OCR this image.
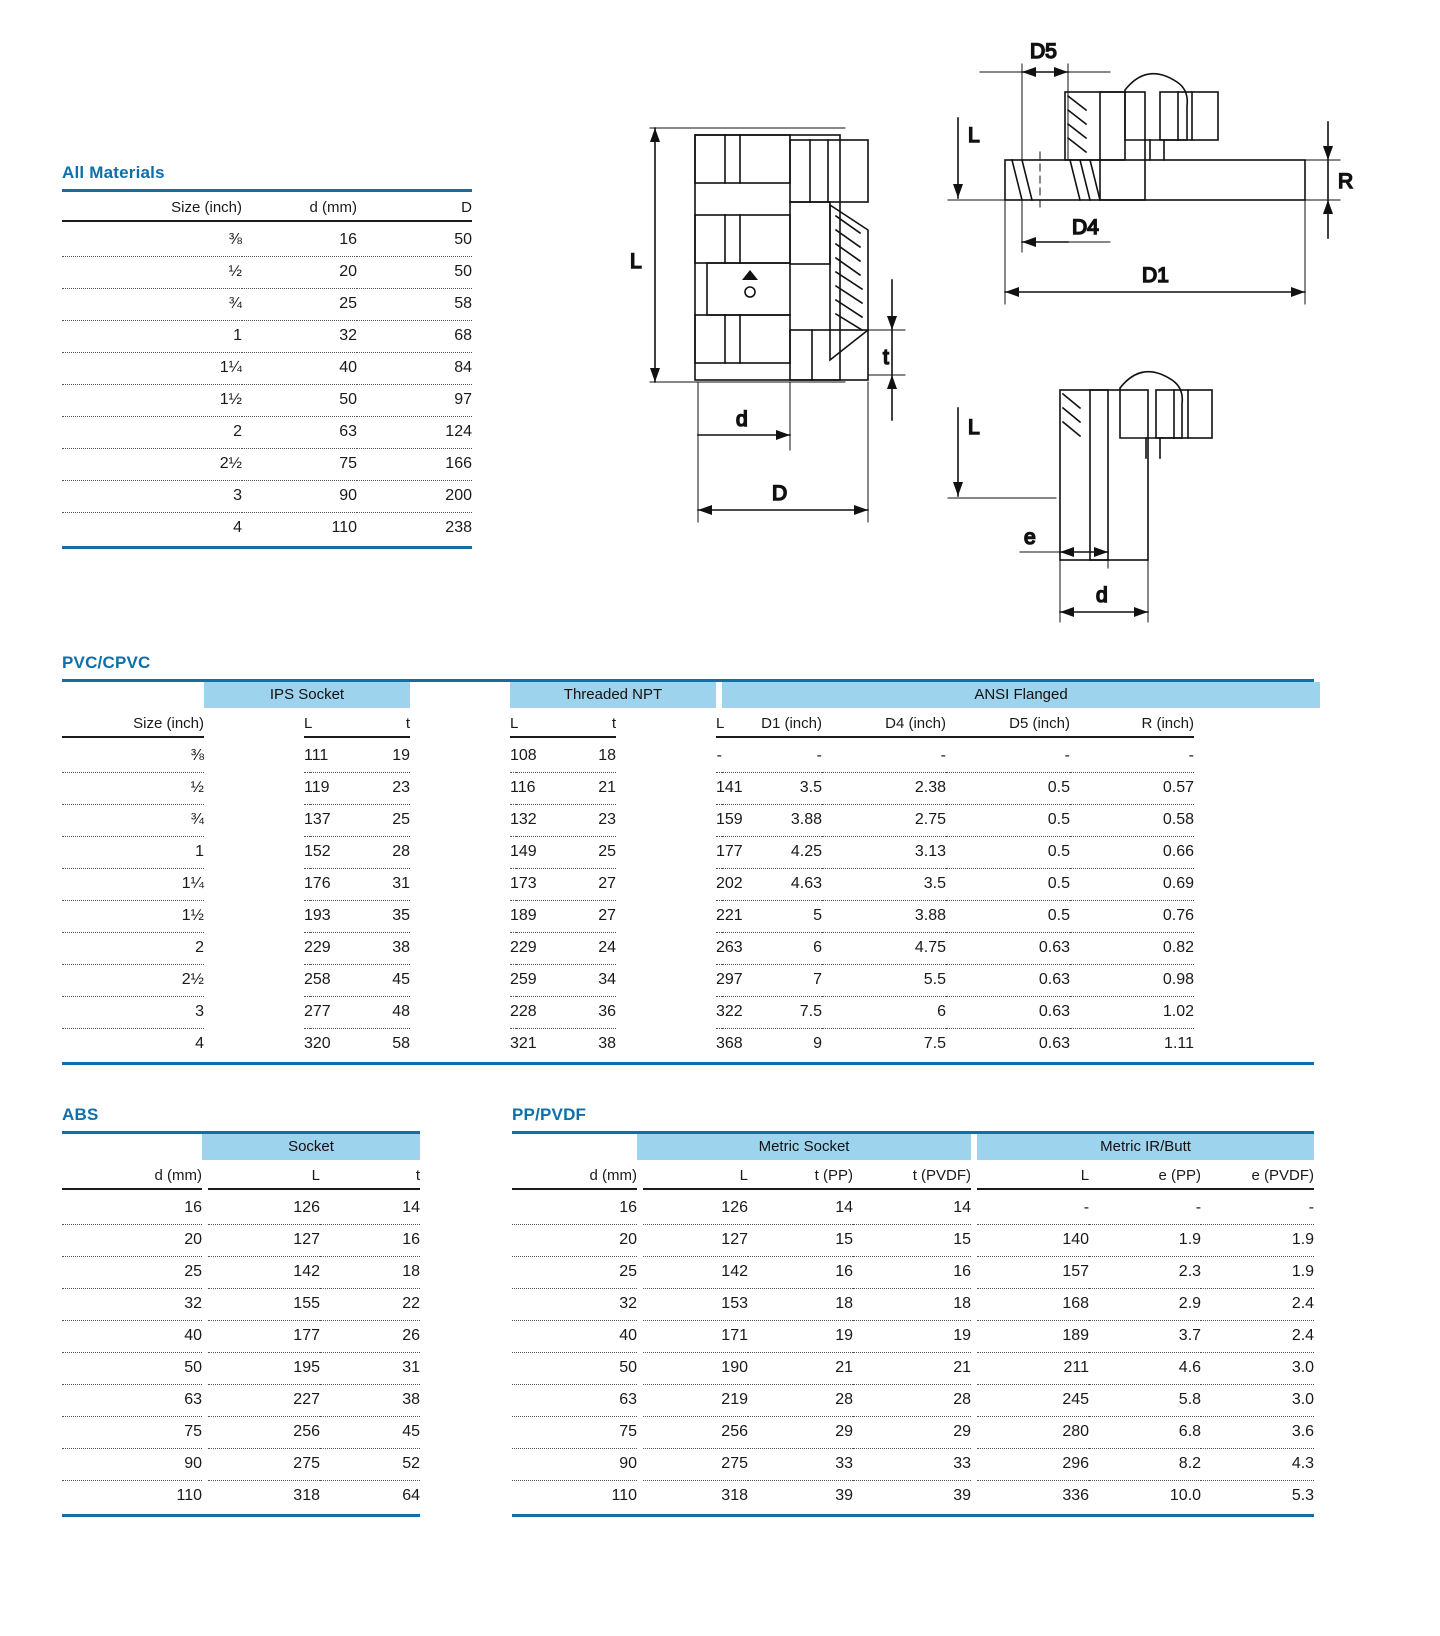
All Materials
Size (inch)	d (mm)	D

⅜	16	50
½	20	50
¾	25	58
1	32	68
1¼	40	84
1½	50	97
2	63	124
2½	75	166
3	90	200
4	110	238
PVC/CPVC
	IPS Socket				Threaded NPT				ANSI Flanged			

Size (inch)		L	t		L	t		L	D1 (inch)	D4 (inch)	D5 (inch)	R (inch)

⅜		111	19		108	18		-	-	-	-	-
½		119	23		116	21		141	3.5	2.38	0.5	0.57
¾		137	25		132	23		159	3.88	2.75	0.5	0.58
1		152	28		149	25		177	4.25	3.13	0.5	0.66
1¼		176	31		173	27		202	4.63	3.5	0.5	0.69
1½		193	35		189	27		221	5	3.88	0.5	0.76
2		229	38		229	24		263	6	4.75	0.63	0.82
2½		258	45		259	34		297	7	5.5	0.63	0.98
3		277	48		228	36		322	7.5	6	0.63	1.02
4		320	58		321	38		368	9	7.5	0.63	1.11
ABS
	Socket		

d (mm)		L	t

16		126	14
20		127	16
25		142	18
32		155	22
40		177	26
50		195	31
63		227	38
75		256	45
90		275	52
110		318	64
PP/PVDF
	Metric Socket					Metric IR/Butt		

d (mm)		L	t (PP)	t (PVDF)		L	e (PP)	e (PVDF)

16		126	14	14		-	-	-
20		127	15	15		140	1.9	1.9
25		142	16	16		157	2.3	1.9
32		153	18	18		168	2.9	2.4
40		171	19	19		189	3.7	2.4
50		190	21	21		211	4.6	3.0
63		219	28	28		245	5.8	3.0
75		256	29	29		280	6.8	3.6
90		275	33	33		296	8.2	4.3
110		318	39	39		336	10.0	5.3
L
d
D
t
D5
L
D4
D1
R
L
e
d
